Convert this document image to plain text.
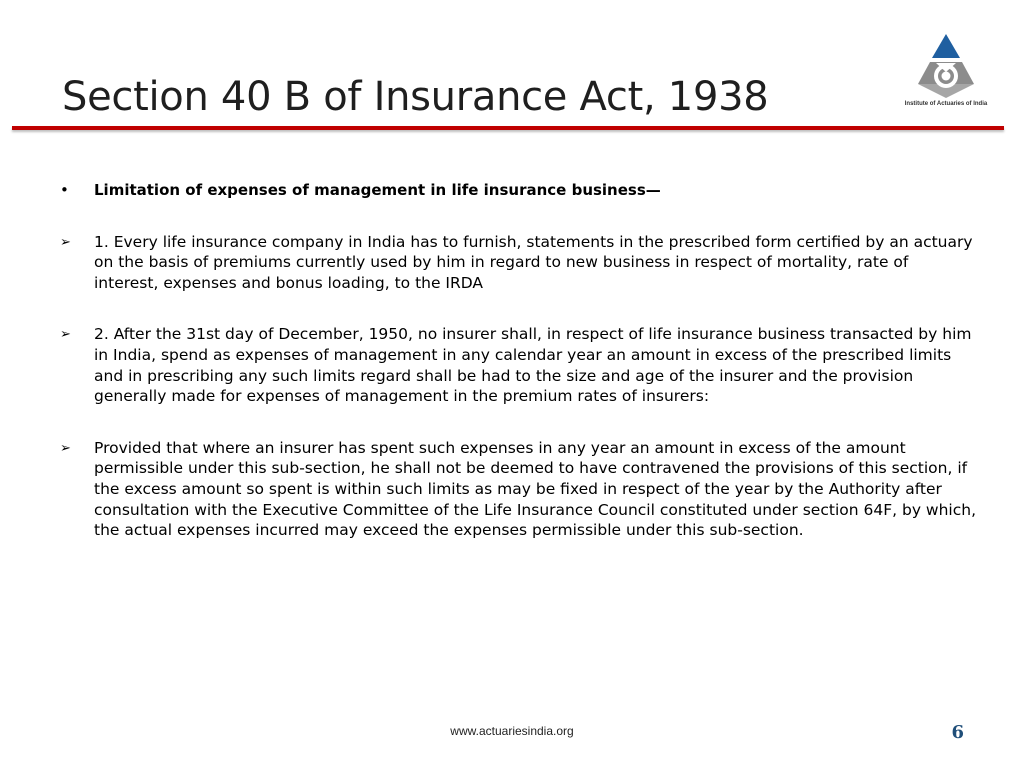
Section 40 B of Insurance Act, 1938	Institute of Actuaries of India
•	Limitation of expenses of management in life insurance business—
➢	1. Every life insurance company in India has to furnish, statements in the prescribed form certified by an actuary on the basis of premiums currently used by him in regard to new business in respect of mortality, rate of interest, expenses and bonus loading, to the IRDA
➢	2. After the 31st day of December, 1950, no insurer shall, in respect of life insurance business transacted by him in India, spend as expenses of management in any calendar year an amount in excess of the prescribed limits and in prescribing any such limits regard shall be had to the size and age of the insurer and the provision generally made for expenses of management in the premium rates of insurers:
➢	Provided that where an insurer has spent such expenses in any year an amount in excess of the amount permissible under this sub-section, he shall not be deemed to have contravened the provisions of this section, if the excess amount so spent is within such limits as may be fixed in respect of the year by the Authority after consultation with the Executive Committee of the Life Insurance Council constituted under section 64F, by which, the actual expenses incurred may exceed the expenses permissible under this sub-section.
www.actuariesindia.org	6
